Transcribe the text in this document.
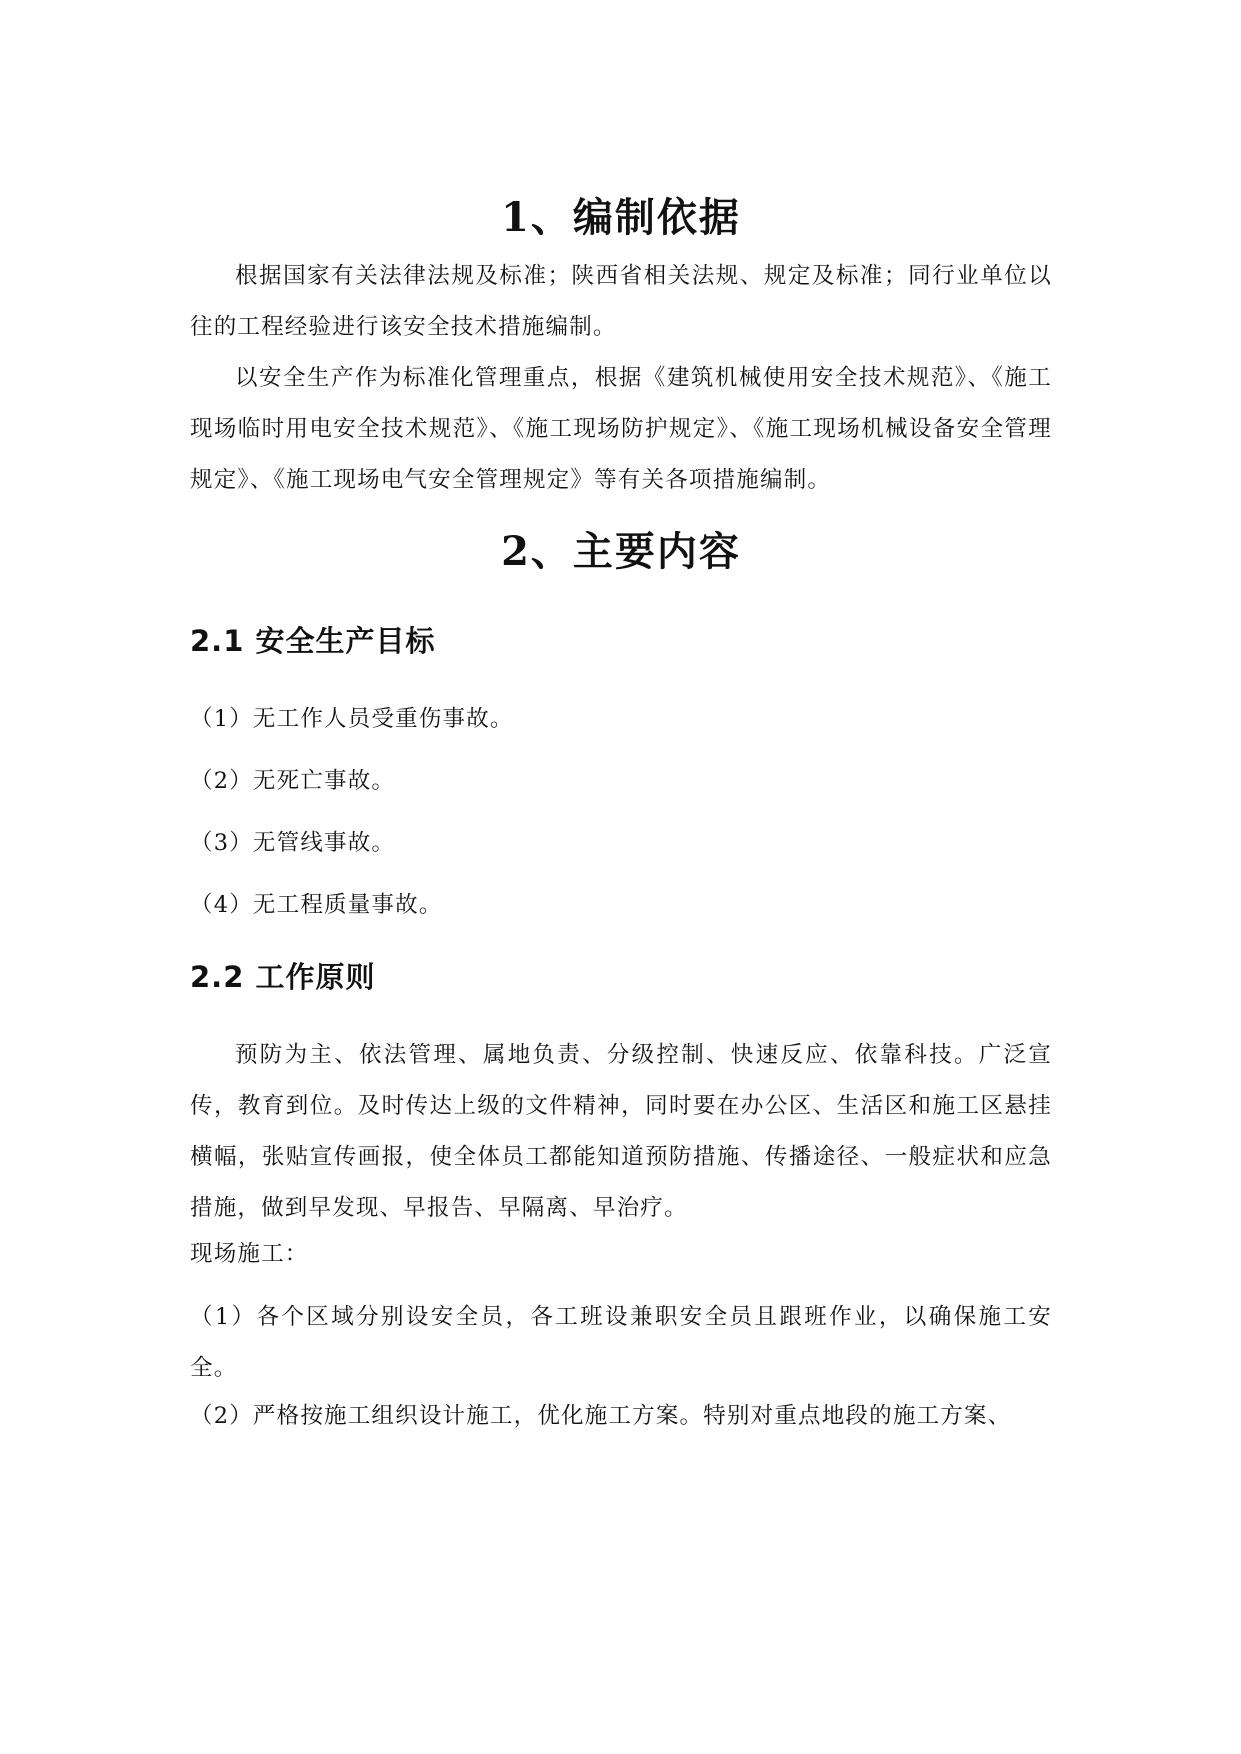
1、编制依据

根据国家有关法律法规及标准；陕西省相关法规、规定及标准；同行业单位以往的工程经验进行该安全技术措施编制。

以安全生产作为标准化管理重点，根据《建筑机械使用安全技术规范》、《施工现场临时用电安全技术规范》、《施工现场防护规定》、《施工现场机械设备安全管理规定》、《施工现场电气安全管理规定》等有关各项措施编制。

2、主要内容
2.1 安全生产目标

（1）无工作人员受重伤事故。

（2）无死亡事故。

（3）无管线事故。

（4）无工程质量事故。

2.2 工作原则

预防为主、依法管理、属地负责、分级控制、快速反应、依靠科技。广泛宣传，教育到位。及时传达上级的文件精神，同时要在办公区、生活区和施工区悬挂横幅，张贴宣传画报，使全体员工都能知道预防措施、传播途径、一般症状和应急措施，做到早发现、早报告、早隔离、早治疗。

现场施工：

（1）各个区域分别设安全员，各工班设兼职安全员且跟班作业，以确保施工安全。

（2）严格按施工组织设计施工，优化施工方案。特别对重点地段的施工方案、
